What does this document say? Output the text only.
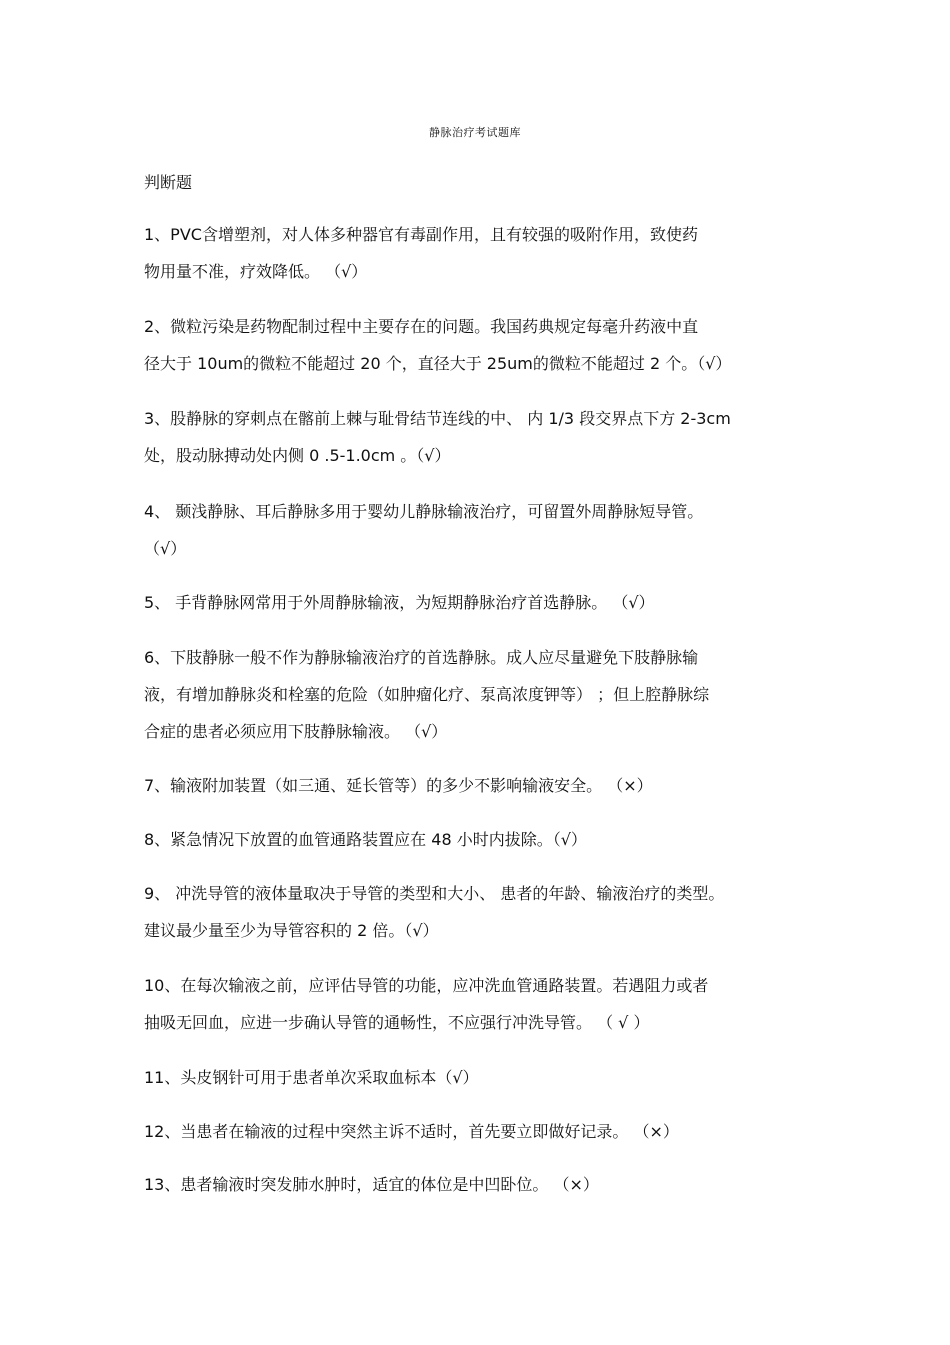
静脉治疗考试题库
判断题
1、PVC含增塑剂，对人体多种器官有毒副作用，且有较强的吸附作用，致使药
物用量不准，疗效降低。 （√）
2、微粒污染是药物配制过程中主要存在的问题。我国药典规定每毫升药液中直
径大于 10um的微粒不能超过 20 个，直径大于 25um的微粒不能超过 2 个。（√）
3、股静脉的穿刺点在髂前上棘与耻骨结节连线的中、 内 1/3 段交界点下方 2-3cm
处，股动脉搏动处内侧 0 .5-1.0cm 。（√）
4、 颞浅静脉、耳后静脉多用于婴幼儿静脉输液治疗，可留置外周静脉短导管。
（√）
5、 手背静脉网常用于外周静脉输液，为短期静脉治疗首选静脉。 （√）
6、下肢静脉一般不作为静脉输液治疗的首选静脉。成人应尽量避免下肢静脉输
液，有增加静脉炎和栓塞的危险（如肿瘤化疗、泵高浓度钾等） ；但上腔静脉综
合症的患者必须应用下肢静脉输液。 （√）
7、输液附加装置（如三通、延长管等）的多少不影响输液安全。 （×）
8、紧急情况下放置的血管通路装置应在 48 小时内拔除。（√）
9、 冲洗导管的液体量取决于导管的类型和大小、 患者的年龄、输液治疗的类型。
建议最少量至少为导管容积的 2 倍。（√）
10、在每次输液之前，应评估导管的功能，应冲洗血管通路装置。若遇阻力或者
抽吸无回血，应进一步确认导管的通畅性，不应强行冲洗导管。 （ √ ）
11、头皮钢针可用于患者单次采取血标本（√）
12、当患者在输液的过程中突然主诉不适时，首先要立即做好记录。 （×）
13、患者输液时突发肺水肿时，适宜的体位是中凹卧位。 （×）
